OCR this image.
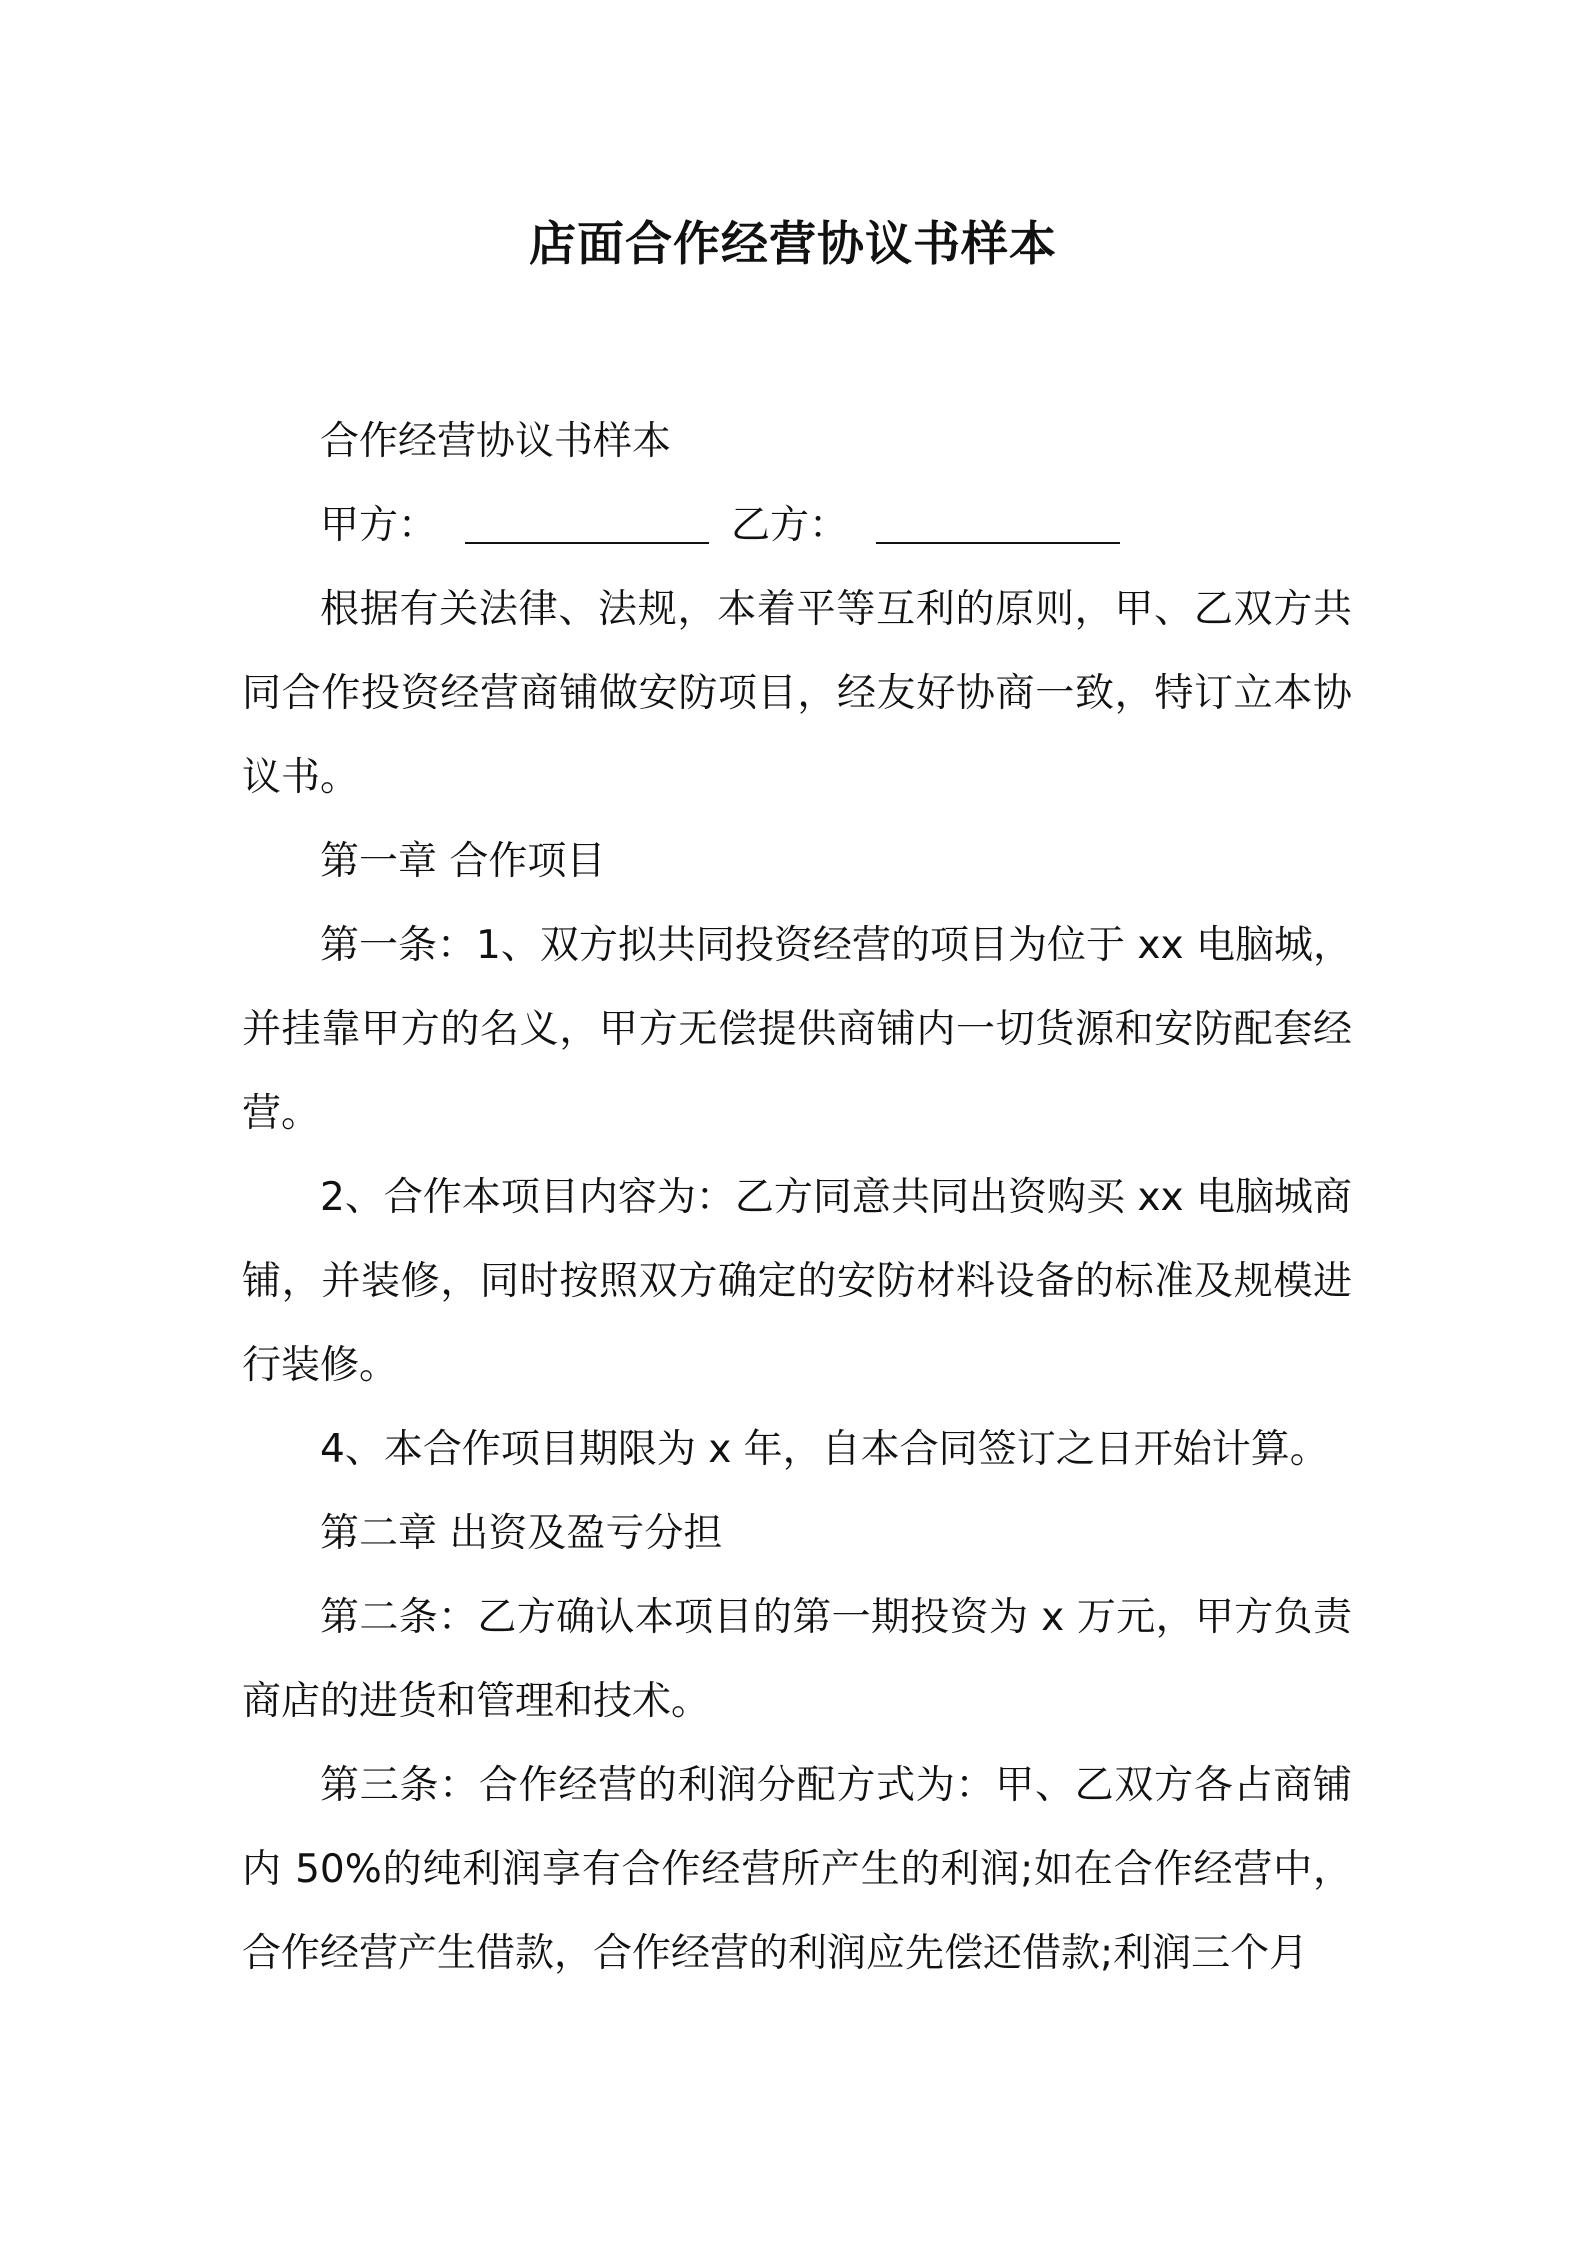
店面合作经营协议书样本

合作经营协议书样本

甲方：	乙方：

根据有关法律、法规，本着平等互利的原则，甲、乙双方共同合作投资经营商铺做安防项目，经友好协商一致，特订立本协议书。

第一章 合作项目

第一条：1、双方拟共同投资经营的项目为位于 xx 电脑城，并挂靠甲方的名义，甲方无偿提供商铺内一切货源和安防配套经营。

2、合作本项目内容为：乙方同意共同出资购买 xx 电脑城商铺，并装修，同时按照双方确定的安防材料设备的标准及规模进行装修。

4、本合作项目期限为 x 年，自本合同签订之日开始计算。

第二章 出资及盈亏分担

第二条：乙方确认本项目的第一期投资为 x 万元，甲方负责商店的进货和管理和技术。

第三条：合作经营的利润分配方式为：甲、乙双方各占商铺内 50%的纯利润享有合作经营所产生的利润;如在合作经营中，合作经营产生借款，合作经营的利润应先偿还借款;利润三个月
